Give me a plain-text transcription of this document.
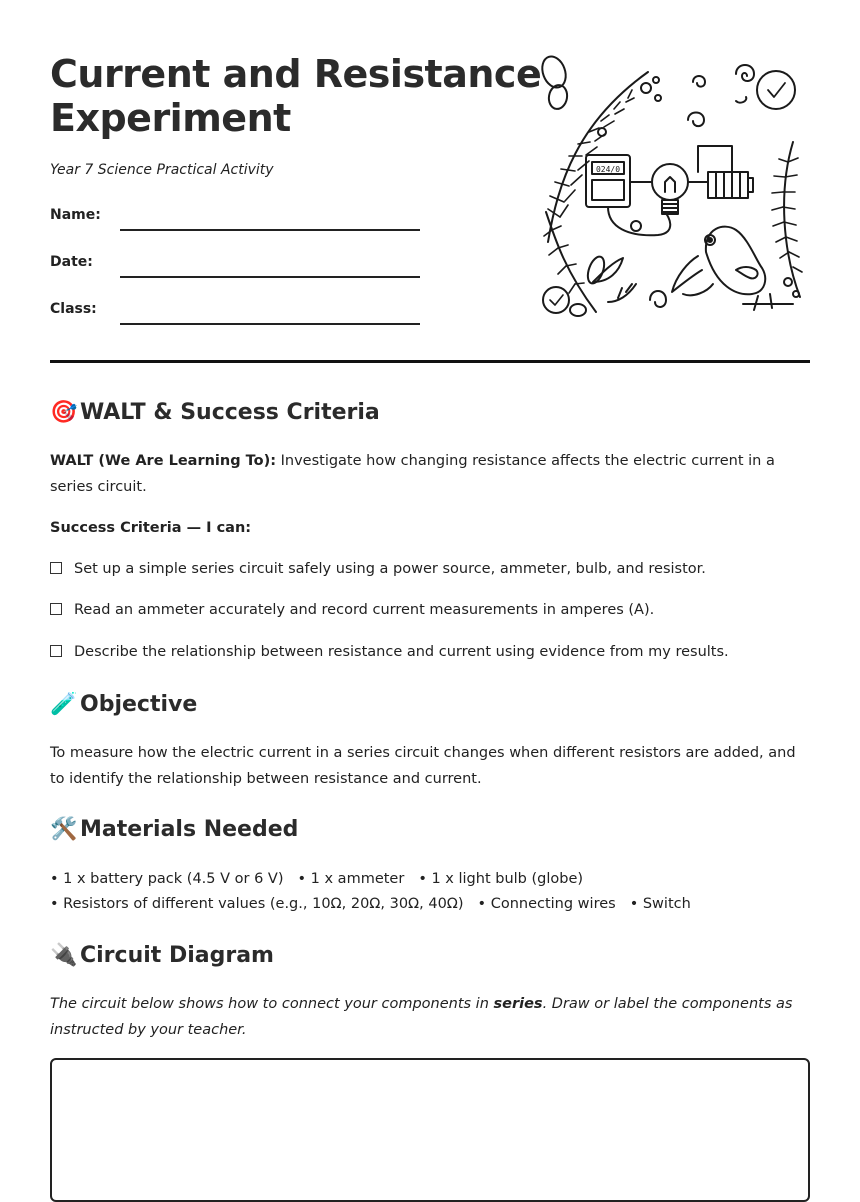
Current and Resistance
Experiment
Year 7 Science Practical Activity
Name:
Date:
Class:
024/0
🎯 WALT & Success Criteria

WALT (We Are Learning To): Investigate how changing resistance affects the electric current in a series circuit.

Success Criteria — I can:

Set up a simple series circuit safely using a power source, ammeter, bulb, and resistor.
Read an ammeter accurately and record current measurements in amperes (A).
Describe the relationship between resistance and current using evidence from my results.
🧪 Objective

To measure how the electric current in a series circuit changes when different resistors are added, and to identify the relationship between resistance and current.

🛠️ Materials Needed
• 1 x battery pack (4.5 V or 6 V) • 1 x ammeter • 1 x light bulb (globe)
• Resistors of different values (e.g., 10Ω, 20Ω, 30Ω, 40Ω) • Connecting wires • Switch
🔌 Circuit Diagram

The circuit below shows how to connect your components in series. Draw or label the components as instructed by your teacher.
